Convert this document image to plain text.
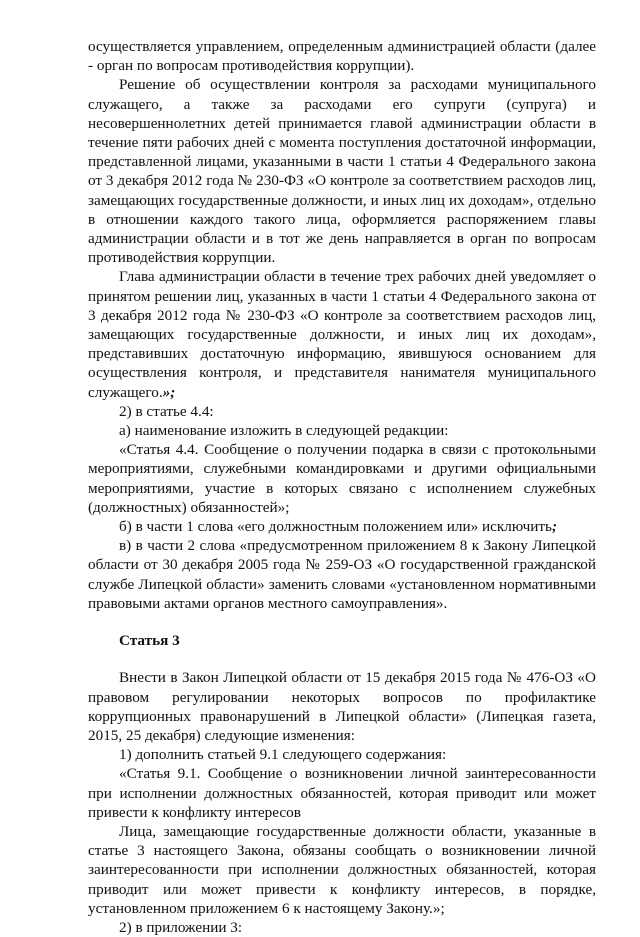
осуществляется управлением, определенным администрацией области (далее - орган по вопросам противодействия коррупции).

Решение об осуществлении контроля за расходами муниципального служащего, а также за расходами его супруги (супруга) и несовершеннолетних детей принимается главой администрации области в течение пяти рабочих дней с момента поступления достаточной информации, представленной лицами, указанными в части 1 статьи 4 Федерального закона от 3 декабря 2012 года № 230-ФЗ «О контроле за соответствием расходов лиц, замещающих государственные должности, и иных лиц их доходам», отдельно в отношении каждого такого лица, оформляется распоряжением главы администрации области и в тот же день направляется в орган по вопросам противодействия коррупции.

Глава администрации области в течение трех рабочих дней уведомляет о принятом решении лиц, указанных в части 1 статьи 4 Федерального закона от 3 декабря 2012 года № 230-ФЗ «О контроле за соответствием расходов лиц, замещающих государственные должности, и иных лиц их доходам», представивших достаточную информацию, явившуюся основанием для осуществления контроля, и представителя нанимателя муниципального служащего.»;

2) в статье 4.4:

а) наименование изложить в следующей редакции:

«Статья 4.4. Сообщение о получении подарка в связи с протокольными мероприятиями, служебными командировками и другими официальными мероприятиями, участие в которых связано с исполнением служебных (должностных) обязанностей»;

б) в части 1 слова «его должностным положением или» исключить;

в) в части 2 слова «предусмотренном приложением 8 к Закону Липецкой области от 30 декабря 2005 года № 259-ОЗ «О государственной гражданской службе Липецкой области» заменить словами «установленном нормативными правовыми актами органов местного самоуправления».

Статья 3

Внести в Закон Липецкой области от 15 декабря 2015 года № 476-ОЗ «О правовом регулировании некоторых вопросов по профилактике коррупционных правонарушений в Липецкой области» (Липецкая газета, 2015, 25 декабря) следующие изменения:

1) дополнить статьей 9.1 следующего содержания:

«Статья 9.1. Сообщение о возникновении личной заинтересованности при исполнении должностных обязанностей, которая приводит или может привести к конфликту интересов

Лица, замещающие государственные должности области, указанные в статье 3 настоящего Закона, обязаны сообщать о возникновении личной заинтересованности при исполнении должностных обязанностей, которая приводит или может привести к конфликту интересов, в порядке, установленном приложением 6 к настоящему Закону.»;

2) в приложении 3:
